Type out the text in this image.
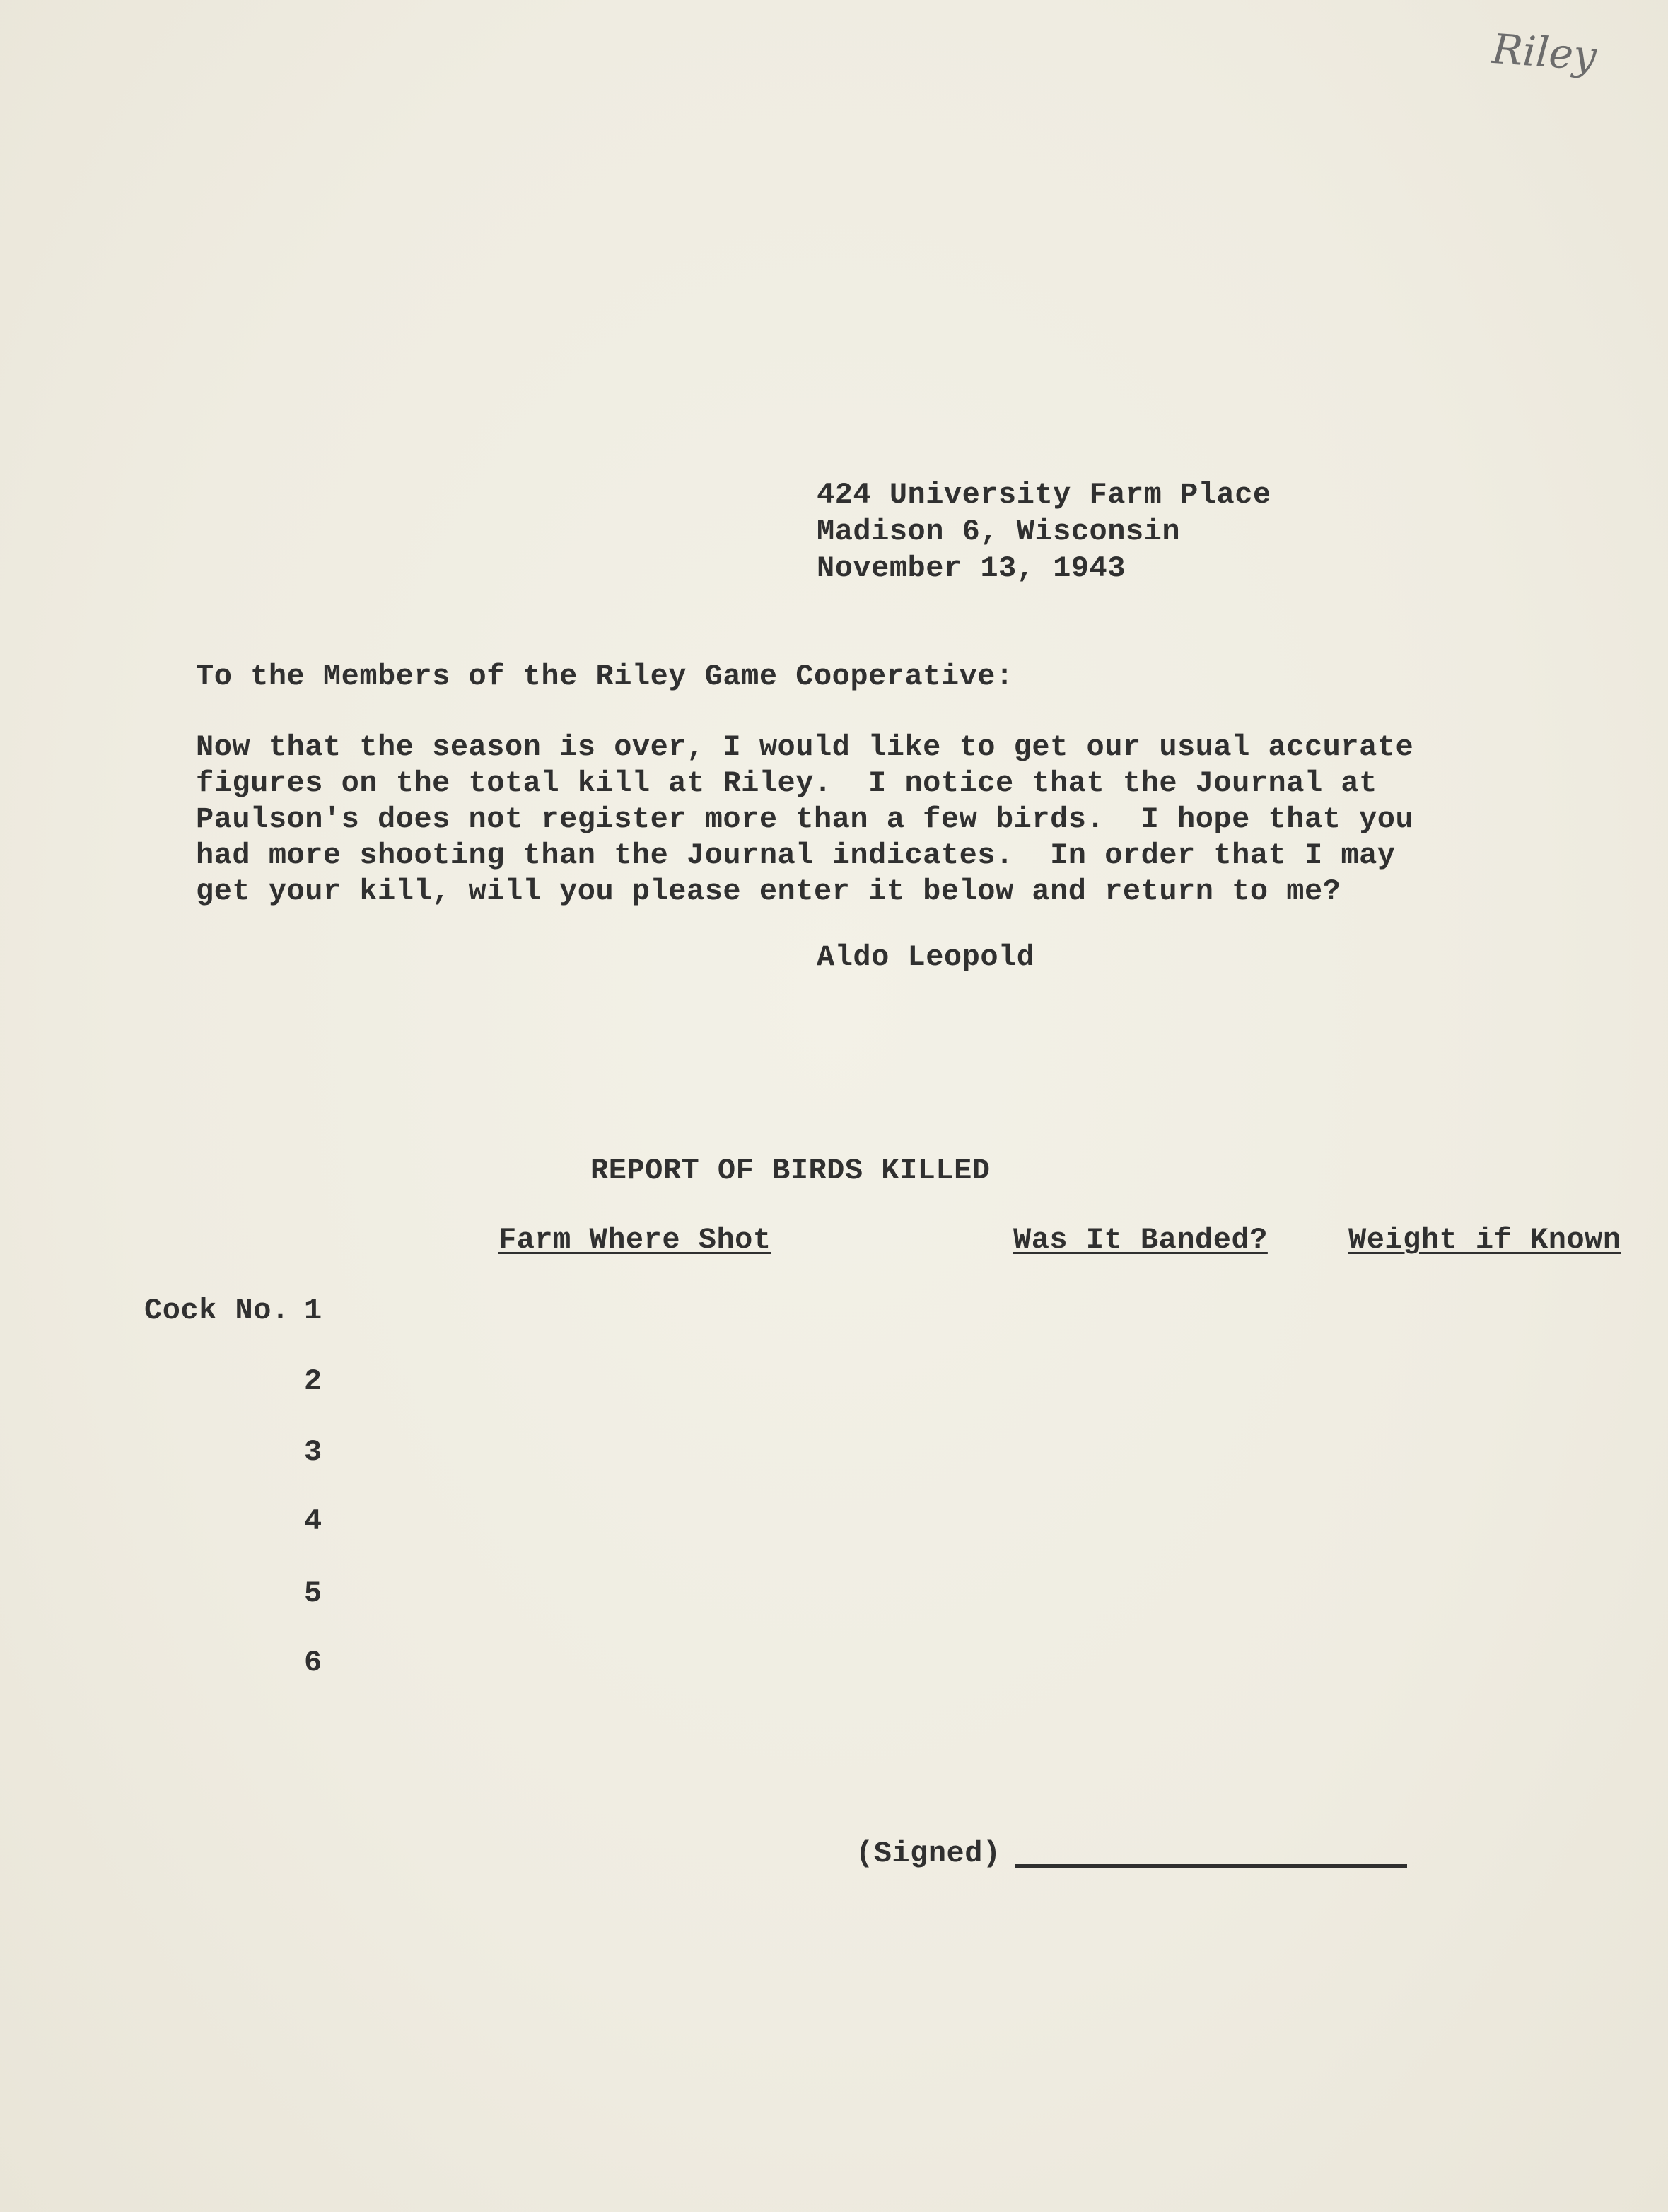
Riley

424 University Farm Place

Madison 6, Wisconsin

November 13, 1943

To the Members of the Riley Game Cooperative:

Now that the season is over, I would like to get our usual accurate

figures on the total kill at Riley.  I notice that the Journal at

Paulson's does not register more than a few birds.  I hope that you

had more shooting than the Journal indicates.  In order that I may

get your kill, will you please enter it below and return to me?

Aldo Leopold

REPORT OF BIRDS KILLED

Farm Where Shot	Was It Banded?	Weight if Known

Cock No. 1

2

3

4

5

6

(Signed)
